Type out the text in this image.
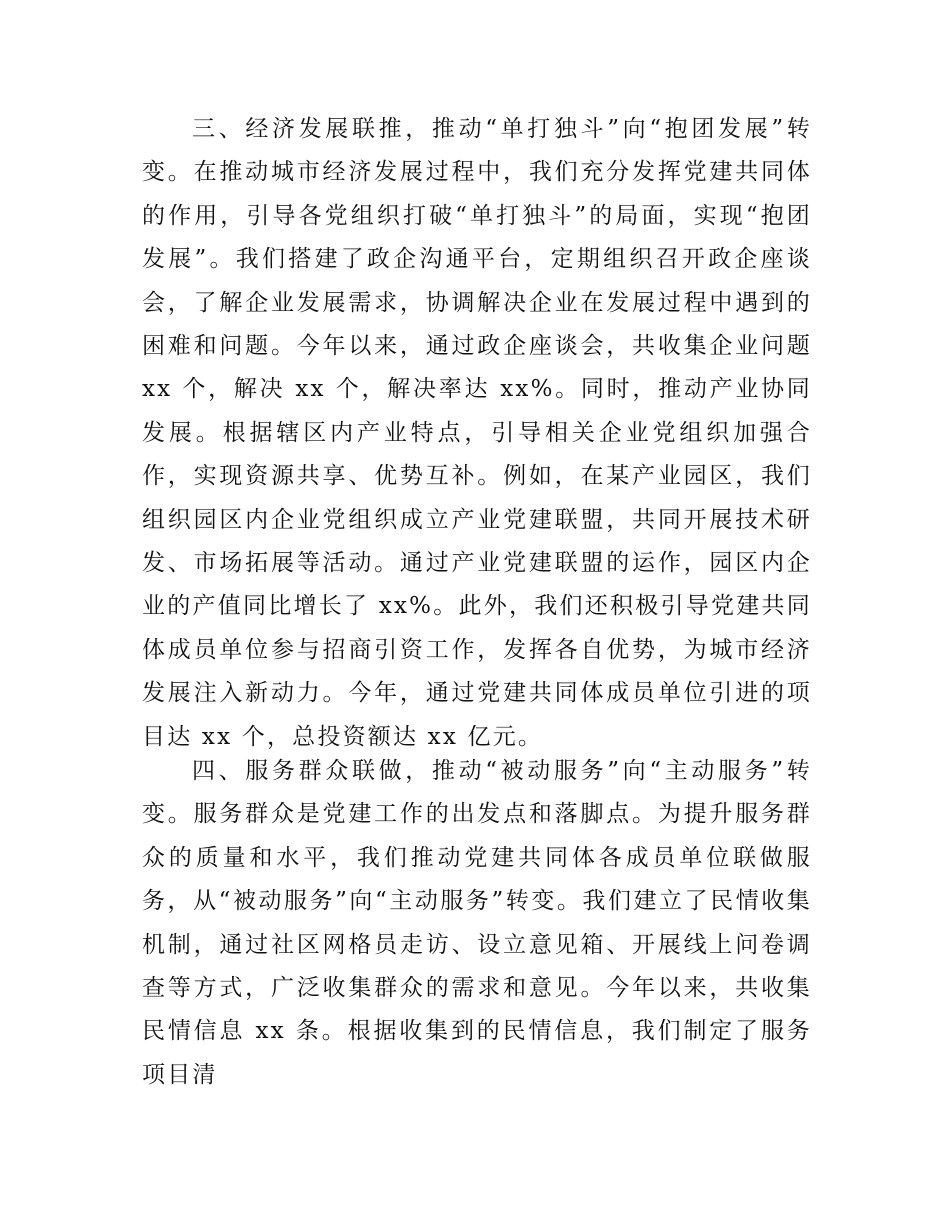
三、经济发展联推，推动“单打独斗”向“抱团发展”转变。在推动城市经济发展过程中，我们充分发挥党建共同体的作用，引导各党组织打破“单打独斗”的局面，实现“抱团发展”。我们搭建了政企沟通平台，定期组织召开政企座谈会，了解企业发展需求，协调解决企业在发展过程中遇到的困难和问题。今年以来，通过政企座谈会，共收集企业问题 xx 个，解决 xx 个，解决率达 xx%。同时，推动产业协同发展。根据辖区内产业特点，引导相关企业党组织加强合作，实现资源共享、优势互补。例如，在某产业园区，我们组织园区内企业党组织成立产业党建联盟，共同开展技术研发、市场拓展等活动。通过产业党建联盟的运作，园区内企业的产值同比增长了 xx%。此外，我们还积极引导党建共同体成员单位参与招商引资工作，发挥各自优势，为城市经济发展注入新动力。今年，通过党建共同体成员单位引进的项目达 xx 个，总投资额达 xx 亿元。

四、服务群众联做，推动“被动服务”向“主动服务”转变。服务群众是党建工作的出发点和落脚点。为提升服务群众的质量和水平，我们推动党建共同体各成员单位联做服务，从“被动服务”向“主动服务”转变。我们建立了民情收集机制，通过社区网格员走访、设立意见箱、开展线上问卷调查等方式，广泛收集群众的需求和意见。今年以来，共收集民情信息 xx 条。根据收集到的民情信息，我们制定了服务项目清
